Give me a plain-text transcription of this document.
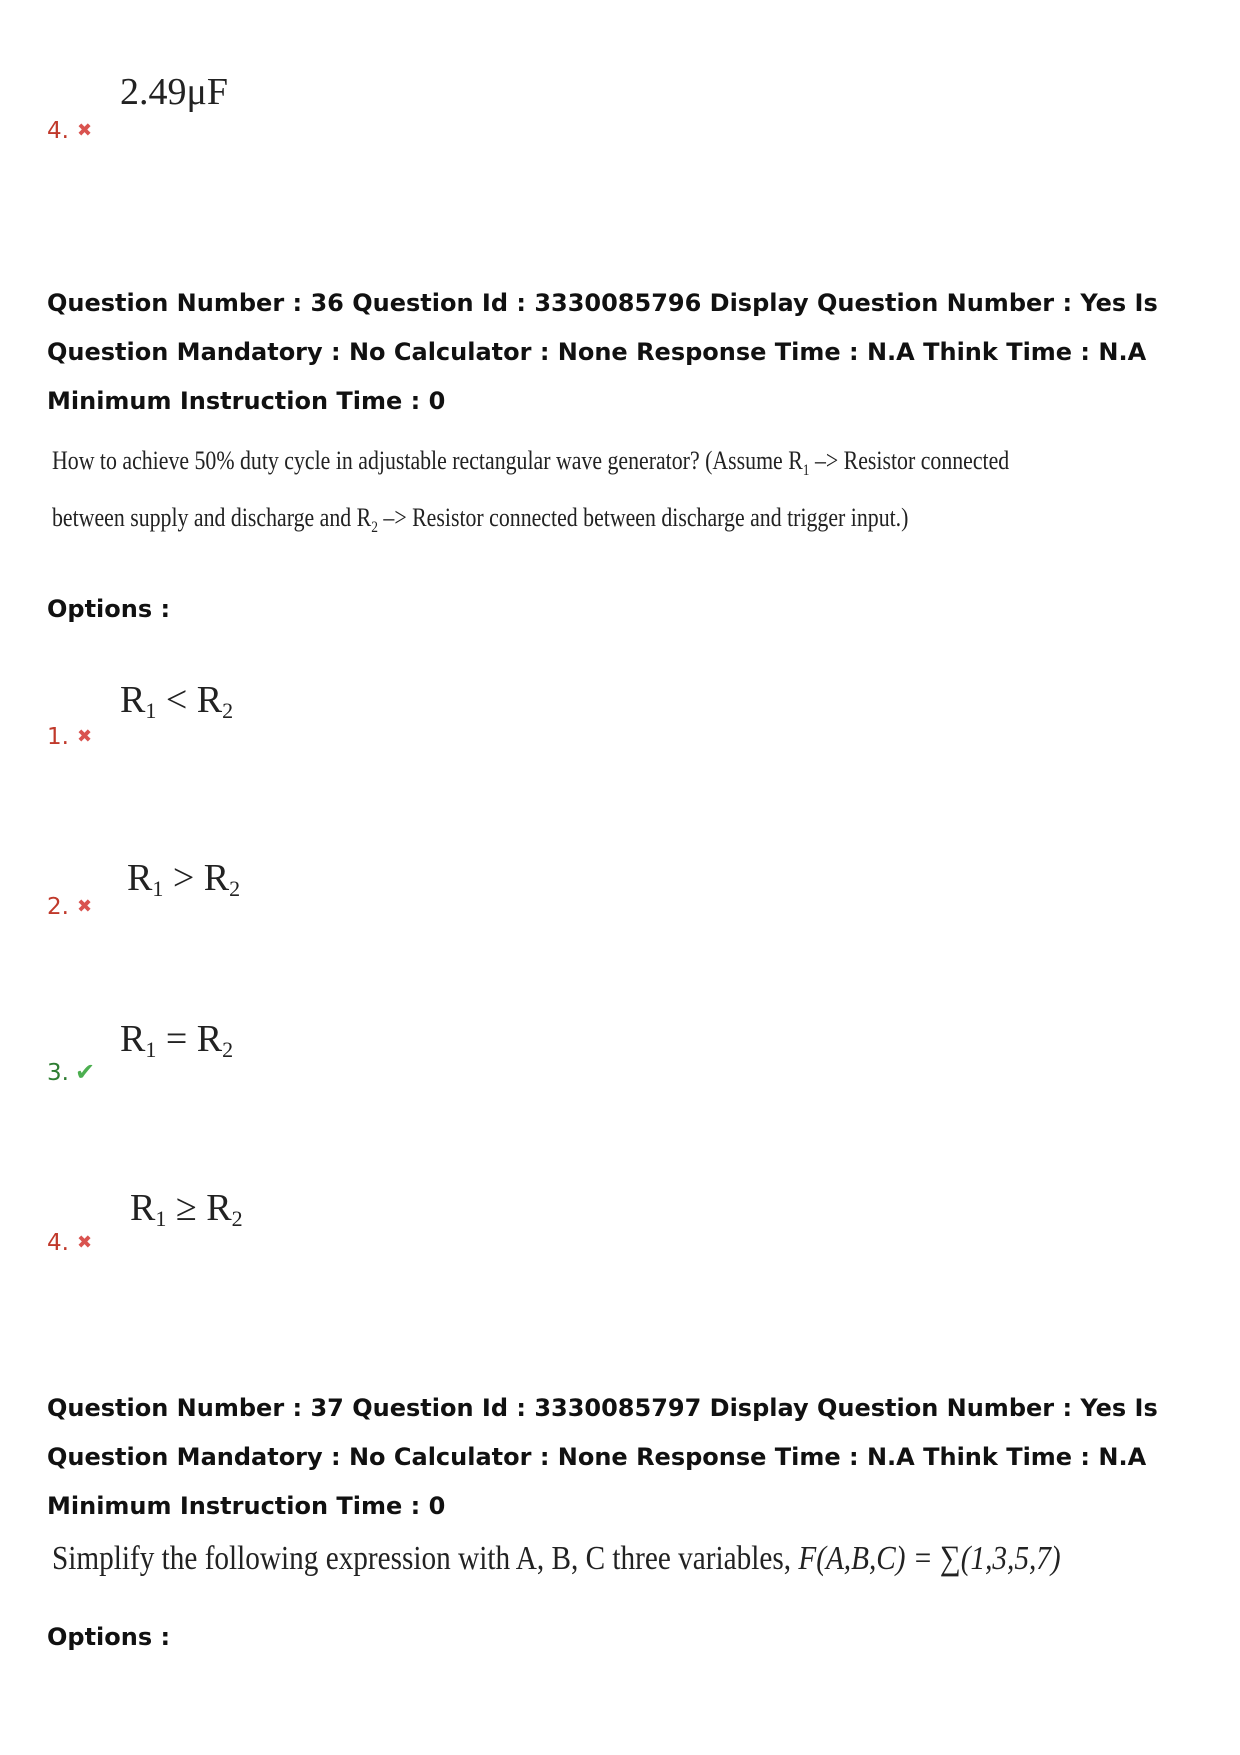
2.49μF
4. ✖
Question Number : 36 Question Id : 3330085796 Display Question Number : Yes Is Question Mandatory : No Calculator : None Response Time : N.A Think Time : N.A Minimum Instruction Time : 0
How to achieve 50% duty cycle in adjustable rectangular wave generator? (Assume $R_1$ –> Resistor connected
between supply and discharge and $R_2$ –> Resistor connected between discharge and trigger input.)
Options :
$R_1 < R_2$
1. ✖
$R_1 > R_2$
2. ✖
$R_1 = R_2$
3. ✔
$R_1 \ge R_2$
4. ✖
Question Number : 37 Question Id : 3330085797 Display Question Number : Yes Is Question Mandatory : No Calculator : None Response Time : N.A Think Time : N.A Minimum Instruction Time : 0
Simplify the following expression with A, B, C three variables, F(A,B,C) = ∑(1,3,5,7)
Options :
